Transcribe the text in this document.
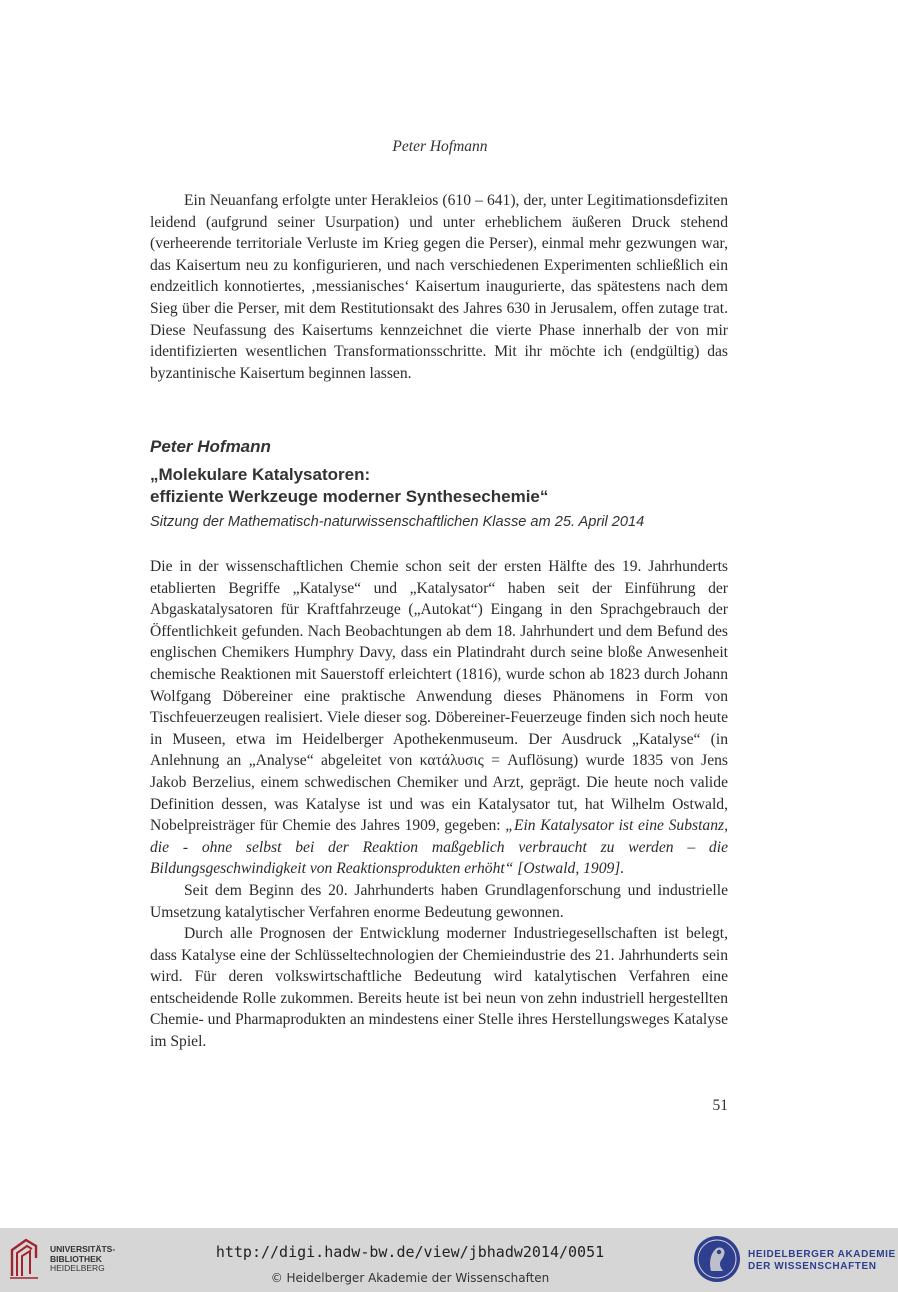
Peter Hofmann

Ein Neuanfang erfolgte unter Herakleios (610 – 641), der, unter Legitimationsdefiziten leidend (aufgrund seiner Usurpation) und unter erheblichem äußeren Druck stehend (verheerende territoriale Verluste im Krieg gegen die Perser), einmal mehr gezwungen war, das Kaisertum neu zu konfigurieren, und nach verschiedenen Experimenten schließlich ein endzeitlich konnotiertes, ‚messianisches‘ Kaisertum inaugurierte, das spätestens nach dem Sieg über die Perser, mit dem Restitutionsakt des Jahres 630 in Jerusalem, offen zutage trat. Diese Neufassung des Kaisertums kennzeichnet die vierte Phase innerhalb der von mir identifizierten wesentlichen Transformationsschritte. Mit ihr möchte ich (endgültig) das byzantinische Kaisertum beginnen lassen.

Peter Hofmann
„Molekulare Katalysatoren:
effiziente Werkzeuge moderner Synthesechemie“
Sitzung der Mathematisch-naturwissenschaftlichen Klasse am 25. April 2014

Die in der wissenschaftlichen Chemie schon seit der ersten Hälfte des 19. Jahrhunderts etablierten Begriffe „Katalyse“ und „Katalysator“ haben seit der Einführung der Abgaskatalysatoren für Kraftfahrzeuge („Autokat“) Eingang in den Sprachgebrauch der Öffentlichkeit gefunden. Nach Beobachtungen ab dem 18. Jahrhundert und dem Befund des englischen Chemikers Humphry Davy, dass ein Platindraht durch seine bloße Anwesenheit chemische Reaktionen mit Sauerstoff erleichtert (1816), wurde schon ab 1823 durch Johann Wolfgang Döbereiner eine praktische Anwendung dieses Phänomens in Form von Tischfeuerzeugen realisiert. Viele dieser sog. Döbereiner-Feuerzeuge finden sich noch heute in Museen, etwa im Heidelberger Apothekenmuseum. Der Ausdruck „Katalyse“ (in Anlehnung an „Analyse“ abgeleitet von κατάλυσις = Auflösung) wurde 1835 von Jens Jakob Berzelius, einem schwedischen Chemiker und Arzt, geprägt. Die heute noch valide Definition dessen, was Katalyse ist und was ein Katalysator tut, hat Wilhelm Ostwald, Nobelpreisträger für Chemie des Jahres 1909, gegeben: „Ein Katalysator ist eine Substanz, die - ohne selbst bei der Reaktion maßgeblich verbraucht zu werden – die Bildungsgeschwindigkeit von Reaktionsprodukten erhöht“ [Ostwald, 1909].

Seit dem Beginn des 20. Jahrhunderts haben Grundlagenforschung und industrielle Umsetzung katalytischer Verfahren enorme Bedeutung gewonnen.

Durch alle Prognosen der Entwicklung moderner Industriegesellschaften ist belegt, dass Katalyse eine der Schlüsseltechnologien der Chemieindustrie des 21. Jahrhunderts sein wird. Für deren volkswirtschaftliche Bedeutung wird katalytischen Verfahren eine entscheidende Rolle zukommen. Bereits heute ist bei neun von zehn industriell hergestellten Chemie- und Pharmaprodukten an mindestens einer Stelle ihres Herstellungsweges Katalyse im Spiel.

51
UNIVERSITÄTS-
BIBLIOTHEK
HEIDELBERG
http://digi.hadw-bw.de/view/jbhadw2014/0051
© Heidelberger Akademie der Wissenschaften
HEIDELBERGER AKADEMIE
DER WISSENSCHAFTEN
